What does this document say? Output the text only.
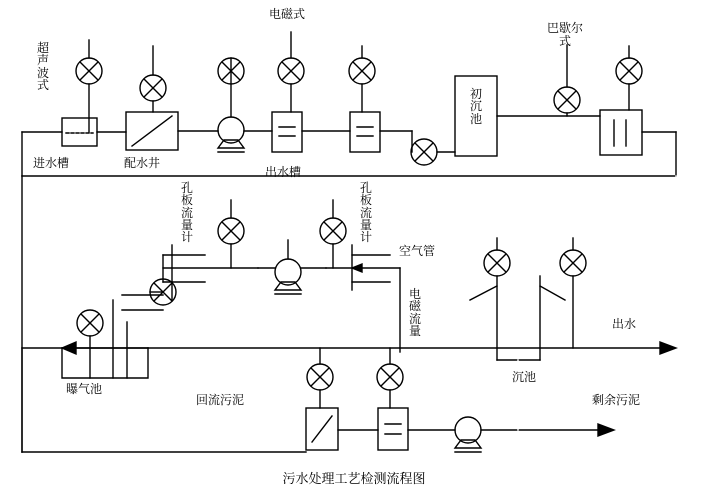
超声波式
进水槽	配水井
电磁式
出水槽
初沉池
巴歇尔式
孔板流量计
孔板流量计
空气管
电磁流量
曝气池
回流污泥
沉池
出水
剩余污泥
污水处理工艺检测流程图
